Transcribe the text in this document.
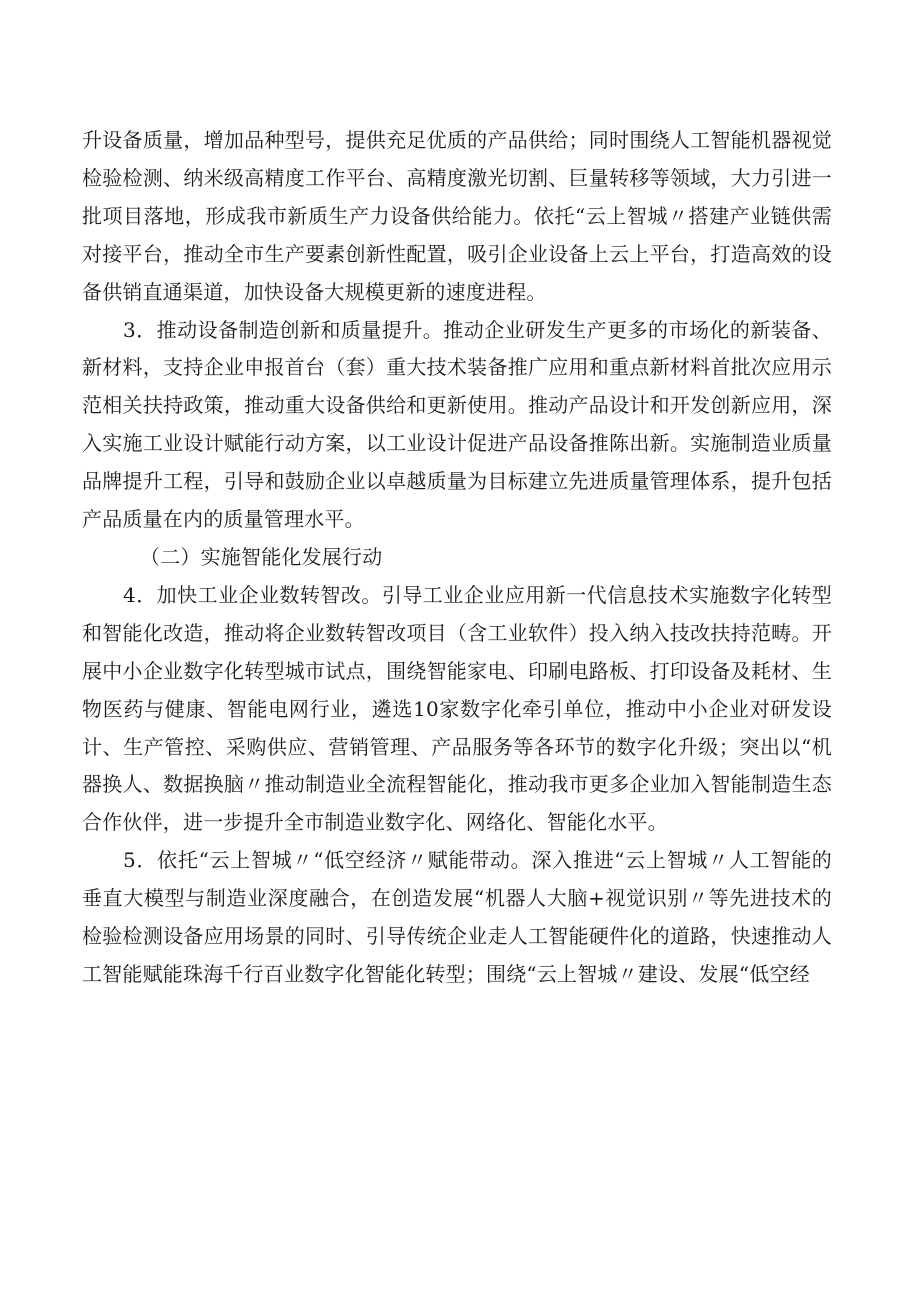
升设备质量，增加品种型号，提供充足优质的产品供给；同时围绕人工智能机器视觉检验检测、纳米级高精度工作平台、高精度激光切割、巨量转移等领域，大力引进一批项目落地，形成我市新质生产力设备供给能力。依托“云上智城〃搭建产业链供需对接平台，推动全市生产要素创新性配置，吸引企业设备上云上平台，打造高效的设备供销直通渠道，加快设备大规模更新的速度进程。

3．推动设备制造创新和质量提升。推动企业研发生产更多的市场化的新装备、新材料，支持企业申报首台（套）重大技术装备推广应用和重点新材料首批次应用示范相关扶持政策，推动重大设备供给和更新使用。推动产品设计和开发创新应用，深入实施工业设计赋能行动方案，以工业设计促进产品设备推陈出新。实施制造业质量品牌提升工程，引导和鼓励企业以卓越质量为目标建立先进质量管理体系，提升包括产品质量在内的质量管理水平。

（二）实施智能化发展行动

4．加快工业企业数转智改。引导工业企业应用新一代信息技术实施数字化转型和智能化改造，推动将企业数转智改项目（含工业软件）投入纳入技改扶持范畴。开展中小企业数字化转型城市试点，围绕智能家电、印刷电路板、打印设备及耗材、生物医药与健康、智能电网行业，遴选10家数字化牵引单位，推动中小企业对研发设计、生产管控、采购供应、营销管理、产品服务等各环节的数字化升级；突出以“机器换人、数据换脑〃推动制造业全流程智能化，推动我市更多企业加入智能制造生态合作伙伴，进一步提升全市制造业数字化、网络化、智能化水平。

5．依托“云上智城〃“低空经济〃赋能带动。深入推进“云上智城〃人工智能的垂直大模型与制造业深度融合，在创造发展“机器人大脑+视觉识别〃等先进技术的检验检测设备应用场景的同时、引导传统企业走人工智能硬件化的道路，快速推动人工智能赋能珠海千行百业数字化智能化转型；围绕“云上智城〃建设、发展“低空经
